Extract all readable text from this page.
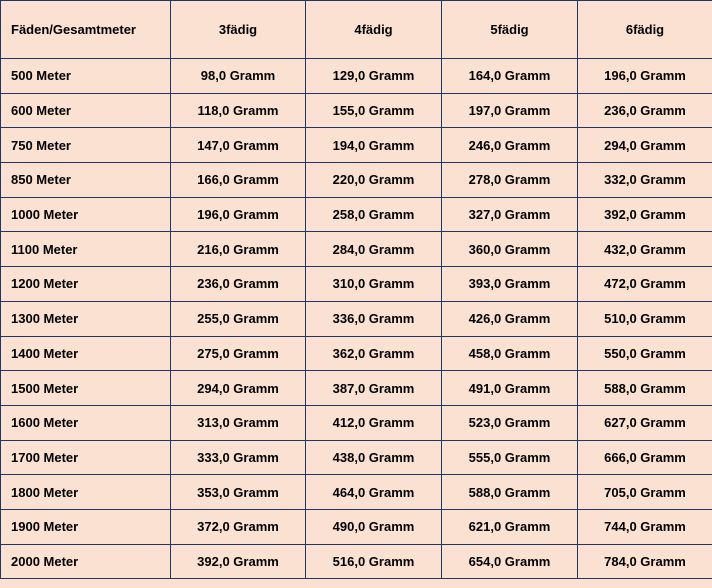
Fäden/Gesamtmeter	3fädig	4fädig	5fädig	6fädig
500 Meter	98,0 Gramm	129,0 Gramm	164,0 Gramm	196,0 Gramm
600 Meter	118,0 Gramm	155,0 Gramm	197,0 Gramm	236,0 Gramm
750 Meter	147,0 Gramm	194,0 Gramm	246,0 Gramm	294,0 Gramm
850 Meter	166,0 Gramm	220,0 Gramm	278,0 Gramm	332,0 Gramm
1000 Meter	196,0 Gramm	258,0 Gramm	327,0 Gramm	392,0 Gramm
1100 Meter	216,0 Gramm	284,0 Gramm	360,0 Gramm	432,0 Gramm
1200 Meter	236,0 Gramm	310,0 Gramm	393,0 Gramm	472,0 Gramm
1300 Meter	255,0 Gramm	336,0 Gramm	426,0 Gramm	510,0 Gramm
1400 Meter	275,0 Gramm	362,0 Gramm	458,0 Gramm	550,0 Gramm
1500 Meter	294,0 Gramm	387,0 Gramm	491,0 Gramm	588,0 Gramm
1600 Meter	313,0 Gramm	412,0 Gramm	523,0 Gramm	627,0 Gramm
1700 Meter	333,0 Gramm	438,0 Gramm	555,0 Gramm	666,0 Gramm
1800 Meter	353,0 Gramm	464,0 Gramm	588,0 Gramm	705,0 Gramm
1900 Meter	372,0 Gramm	490,0 Gramm	621,0 Gramm	744,0 Gramm
2000 Meter	392,0 Gramm	516,0 Gramm	654,0 Gramm	784,0 Gramm
